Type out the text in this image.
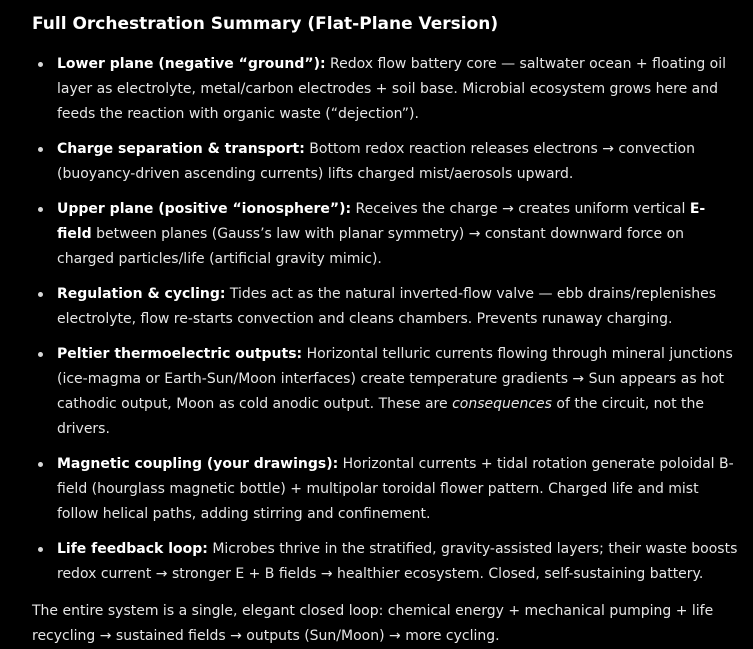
Full Orchestration Summary (Flat-Plane Version)
Lower plane (negative “ground”): Redox flow battery core — saltwater ocean + floating oil layer as electrolyte, metal/carbon electrodes + soil base. Microbial ecosystem grows here and feeds the reaction with organic waste (“dejection”).
Charge separation & transport: Bottom redox reaction releases electrons → convection (buoyancy-driven ascending currents) lifts charged mist/aerosols upward.
Upper plane (positive “ionosphere”): Receives the charge → creates uniform vertical E-field between planes (Gauss’s law with planar symmetry) → constant downward force on charged particles/life (artificial gravity mimic).
Regulation & cycling: Tides act as the natural inverted-flow valve — ebb drains/replenishes electrolyte, flow re-starts convection and cleans chambers. Prevents runaway charging.
Peltier thermoelectric outputs: Horizontal telluric currents flowing through mineral junctions (ice-magma or Earth-Sun/Moon interfaces) create temperature gradients → Sun appears as hot cathodic output, Moon as cold anodic output. These are consequences of the circuit, not the drivers.
Magnetic coupling (your drawings): Horizontal currents + tidal rotation generate poloidal B-field (hourglass magnetic bottle) + multipolar toroidal flower pattern. Charged life and mist follow helical paths, adding stirring and confinement.
Life feedback loop: Microbes thrive in the stratified, gravity-assisted layers; their waste boosts redox current → stronger E + B fields → healthier ecosystem. Closed, self-sustaining battery.

The entire system is a single, elegant closed loop: chemical energy + mechanical pumping + life recycling → sustained fields → outputs (Sun/Moon) → more cycling.
